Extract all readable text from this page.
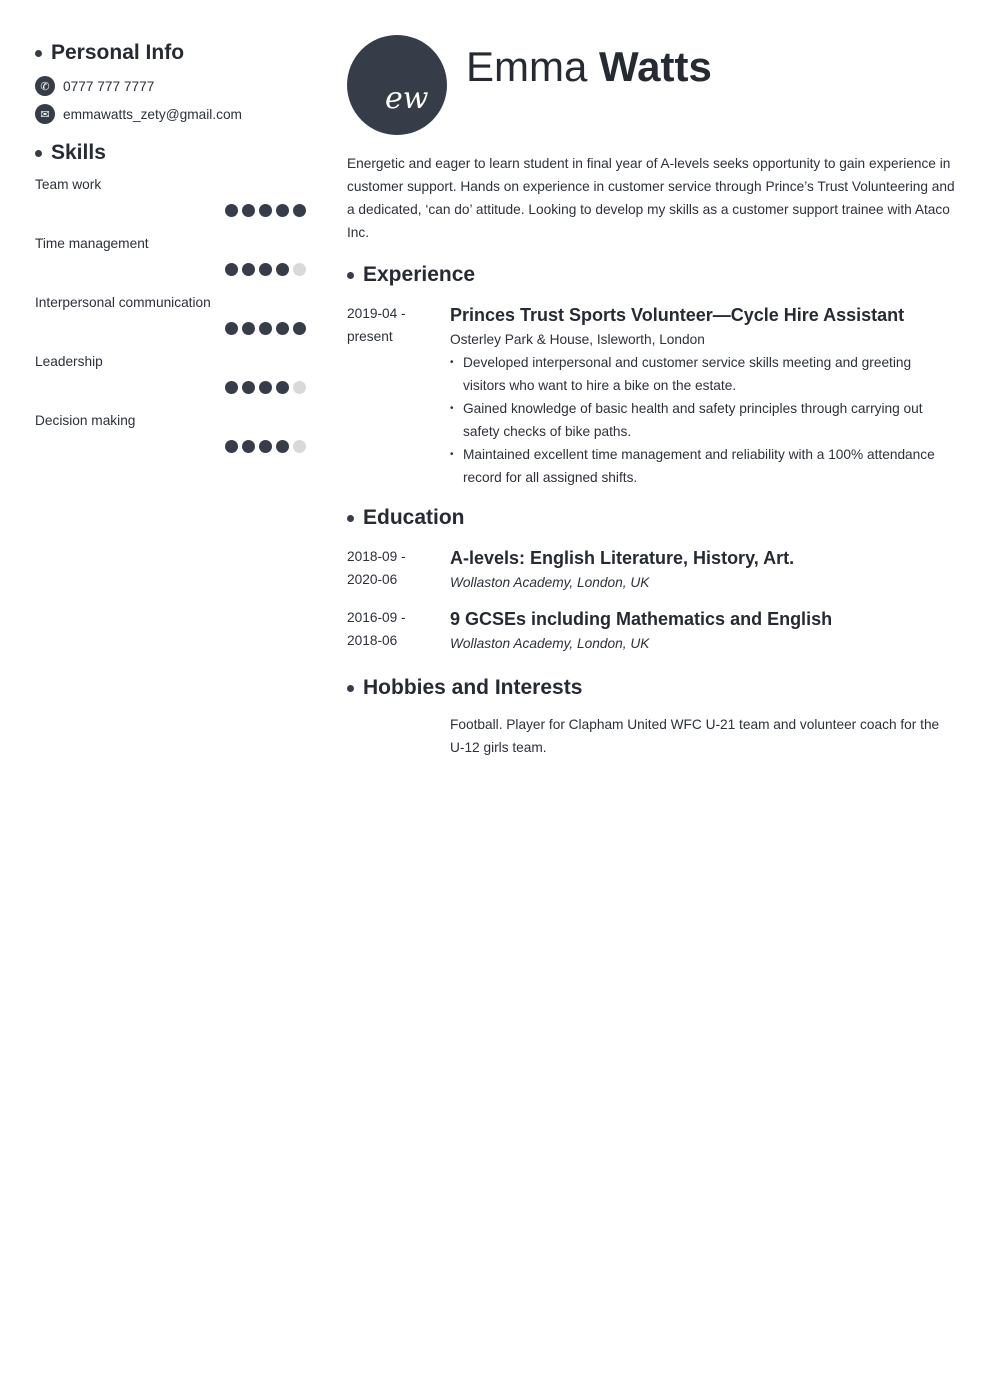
Personal Info
✆ 0777 777 7777
✉ emmawatts_zety@gmail.com
Skills
Team work
Time management
Interpersonal communication
Leadership
Decision making
ew
Emma Watts
Energetic and eager to learn student in final year of A-levels seeks opportunity to gain experience in customer support. Hands on experience in customer service through Prince’s Trust Volunteering and a dedicated, ‘can do’ attitude. Looking to develop my skills as a customer support trainee with Ataco Inc.
Experience
2019-04 -
present
Princes Trust Sports Volunteer—Cycle Hire Assistant
Osterley Park & House, Isleworth, London
• Developed interpersonal and customer service skills meeting and greeting visitors who want to hire a bike on the estate.
• Gained knowledge of basic health and safety principles through carrying out safety checks of bike paths.
• Maintained excellent time management and reliability with a 100% attendance record for all assigned shifts.
Education
2018-09 -
2020-06
A-levels: English Literature, History, Art.
Wollaston Academy, London, UK
2016-09 -
2018-06
9 GCSEs including Mathematics and English
Wollaston Academy, London, UK
Hobbies and Interests
Football. Player for Clapham United WFC U-21 team and volunteer coach for the U-12 girls team.
